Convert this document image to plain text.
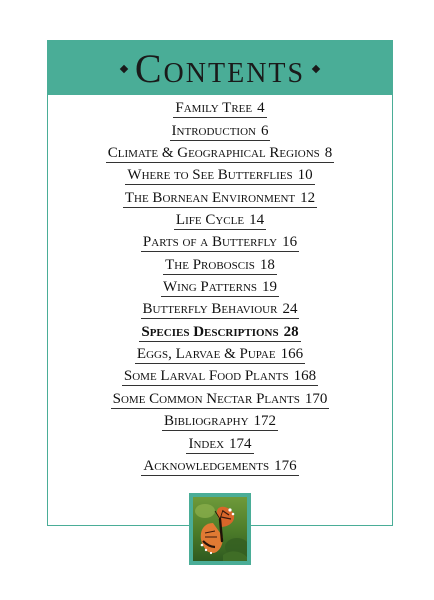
Contents
Family Tree 4
Introduction 6
Climate & Geographical Regions 8
Where to See Butterflies 10
The Bornean Environment 12
Life Cycle 14
Parts of a Butterfly 16
The Proboscis 18
Wing Patterns 19
Butterfly Behaviour 24
Species Descriptions 28
Eggs, Larvae & Pupae 166
Some Larval Food Plants 168
Some Common Nectar Plants 170
Bibliography 172
Index 174
Acknowledgements 176
